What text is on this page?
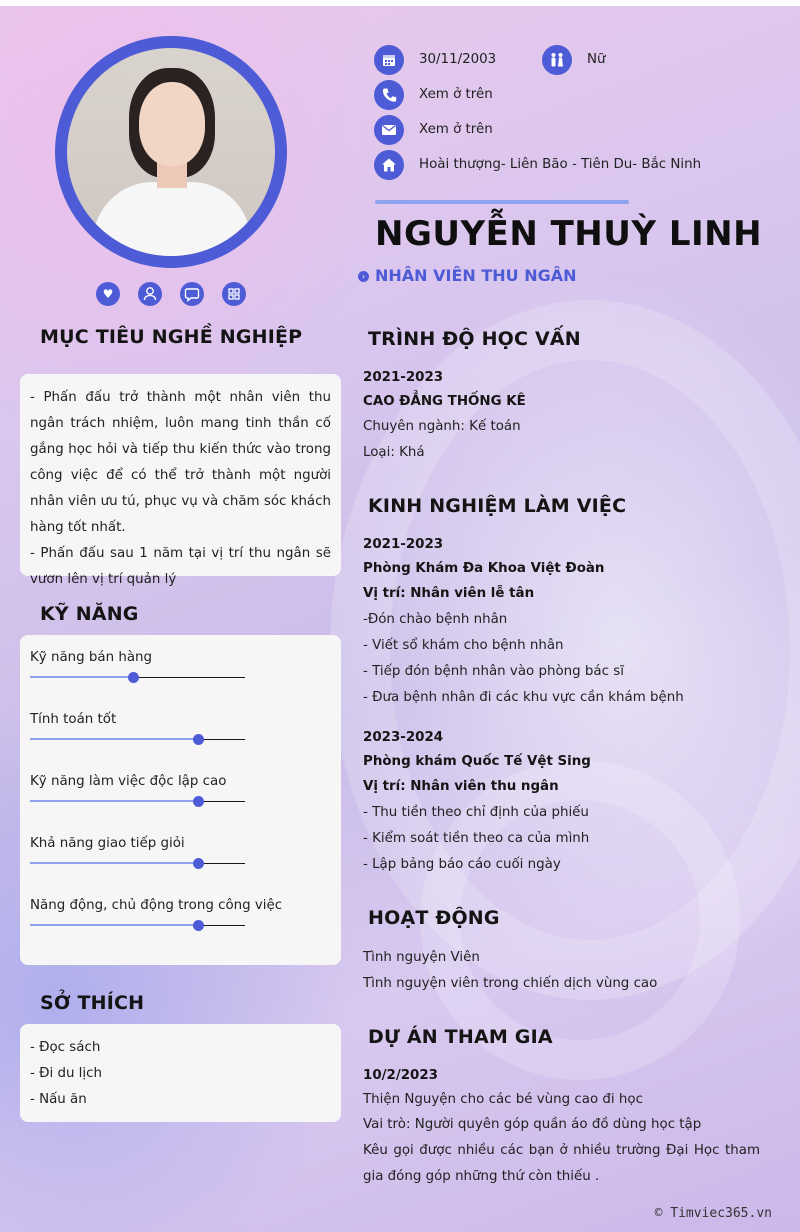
♥
MỤC TIÊU NGHỀ NGHIỆP

- Phấn đấu trở thành một nhân viên thu ngân trách nhiệm, luôn mang tinh thần cố gắng học hỏi và tiếp thu kiến thức vào trong công việc để có thể trở thành một người nhân viên ưu tú, phục vụ và chăm sóc khách hàng tốt nhất.

- Phấn đấu sau 1 năm tại vị trí thu ngân sẽ vươn lên vị trí quản lý

KỸ NĂNG
Kỹ năng bán hàng
Tính toán tốt
Kỹ năng làm việc độc lập cao
Khả năng giao tiếp giỏi
Năng động, chủ động trong công việc
SỞ THÍCH

- Đọc sách

- Đi du lịch

- Nấu ăn

30/11/2003	Nữ
Xem ở trên
Xem ở trên
Hoài thượng- Liên Bão - Tiên Du- Bắc Ninh
NGUYỄN THUỲ LINH
› NHÂN VIÊN THU NGÂN
TRÌNH ĐỘ HỌC VẤN
2021-2023
CAO ĐẲNG THỐNG KÊ
Chuyên ngành: Kế toán
Loại: Khá
KINH NGHIỆM LÀM VIỆC
2021-2023
Phòng Khám Đa Khoa Việt Đoàn
Vị trí: Nhân viên lễ tân
-Đón chào bệnh nhân
- Viết sổ khám cho bệnh nhân
- Tiếp đón bệnh nhân vào phòng bác sĩ
- Đưa bệnh nhân đi các khu vực cần khám bệnh
2023-2024
Phòng khám Quốc Tế Vệt Sing
Vị trí: Nhân viên thu ngân
- Thu tiền theo chỉ định của phiếu
- Kiểm soát tiền theo ca của mình
- Lập bảng báo cáo cuối ngày
HOẠT ĐỘNG
Tình nguyện Viên
Tình nguyện viên trong chiến dịch vùng cao
DỰ ÁN THAM GIA
10/2/2023
Thiện Nguyện cho các bé vùng cao đi học
Vai trò: Người quyên góp quần áo đồ dùng học tập
Kêu gọi được nhiều các bạn ở nhiều trường Đại Học tham gia đóng góp những thứ còn thiếu .
© Timviec365.vn
